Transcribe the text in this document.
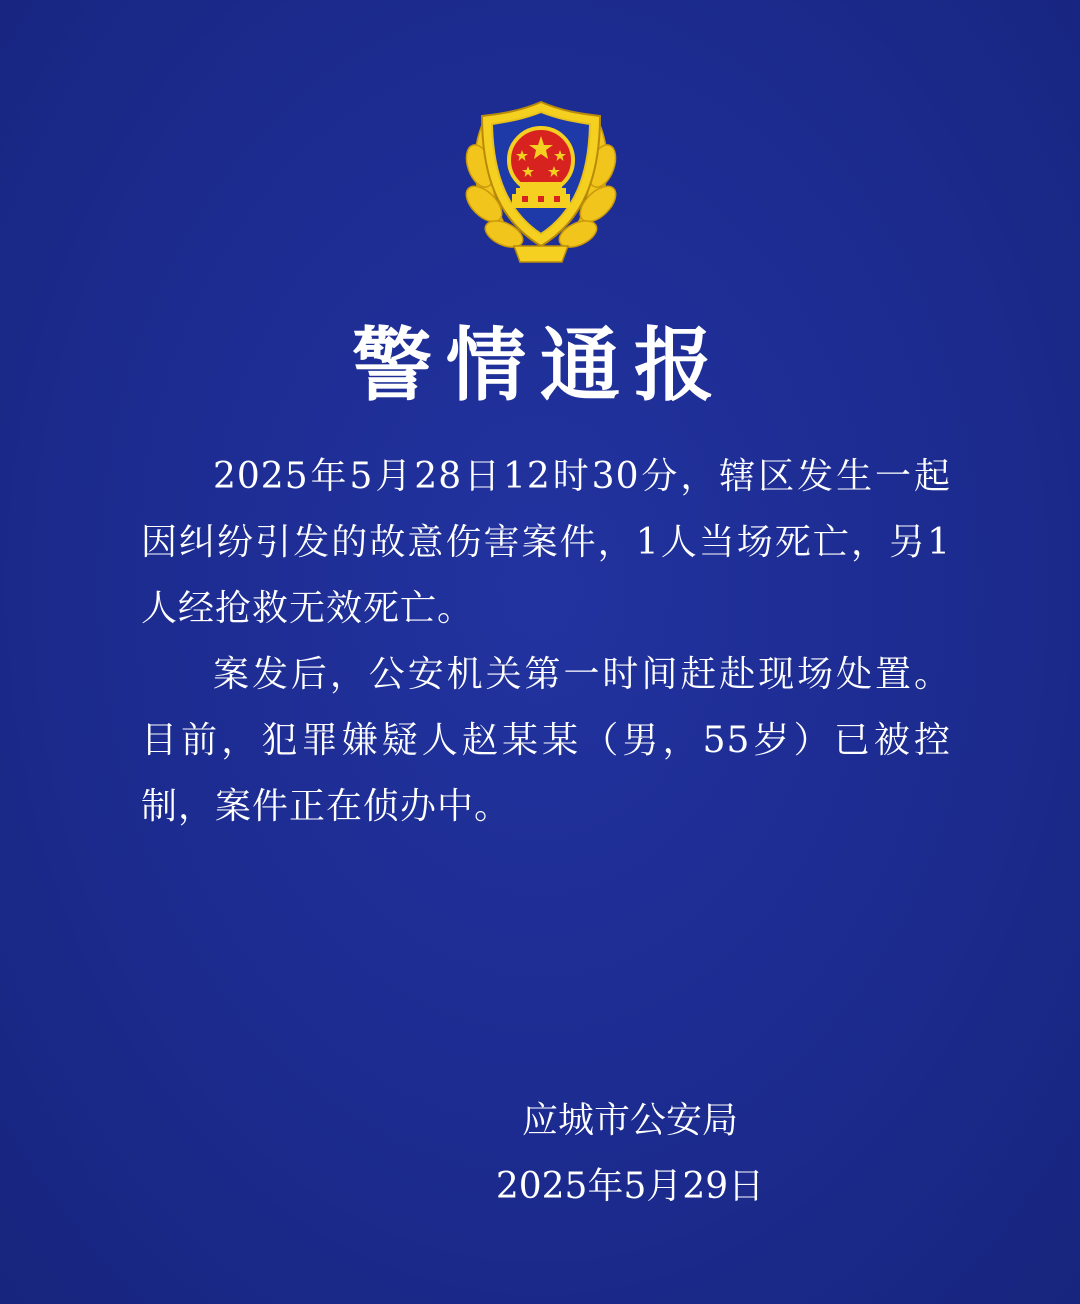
警情通报

2025年5月28日12时30分，辖区发生一起因纠纷引发的故意伤害案件，1人当场死亡，另1人经抢救无效死亡。

案发后，公安机关第一时间赶赴现场处置。目前，犯罪嫌疑人赵某某（男，55岁）已被控制，案件正在侦办中。

应城市公安局
2025年5月29日
